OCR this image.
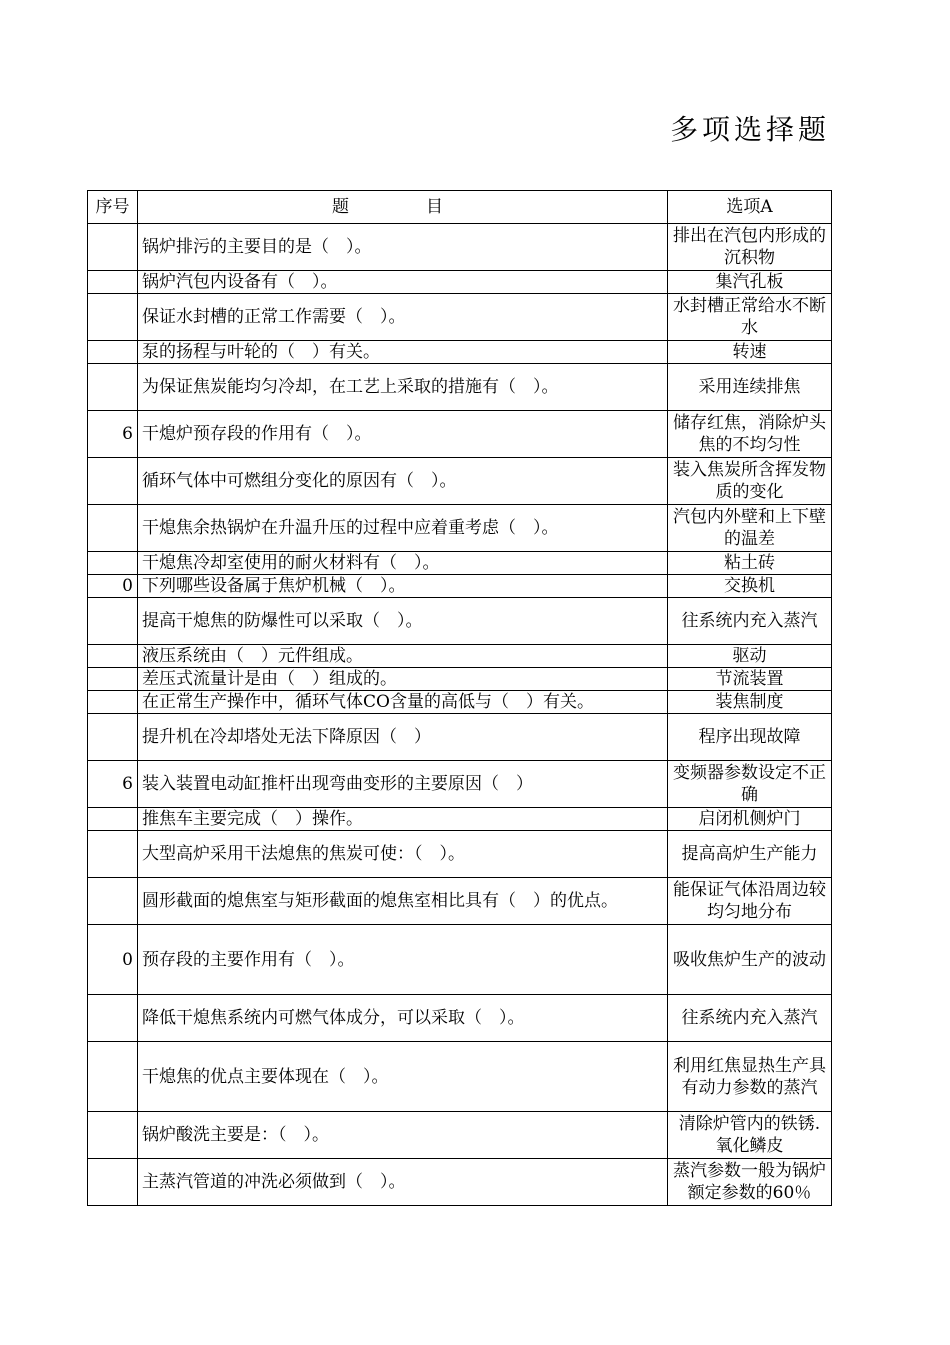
多项选择题
序号	题　目	选项A
	锅炉排污的主要目的是（　）。	排出在汽包内形成的沉积物
	锅炉汽包内设备有（　）。	集汽孔板
	保证水封槽的正常工作需要（　）。	水封槽正常给水不断水
	泵的扬程与叶轮的（　）有关。	转速
	为保证焦炭能均匀冷却，在工艺上采取的措施有（　）。	采用连续排焦
6	干熄炉预存段的作用有（　）。	储存红焦，消除炉头焦的不均匀性
	循环气体中可燃组分变化的原因有（　）。	装入焦炭所含挥发物质的变化
	干熄焦余热锅炉在升温升压的过程中应着重考虑（　）。	汽包内外壁和上下壁的温差
	干熄焦冷却室使用的耐火材料有（　）。	粘土砖
0	下列哪些设备属于焦炉机械（　）。	交换机
	提高干熄焦的防爆性可以采取（　）。	往系统内充入蒸汽
	液压系统由（　）元件组成。	驱动
	差压式流量计是由（　）组成的。	节流装置
	在正常生产操作中，循环气体CO含量的高低与（　）有关。	装焦制度
	提升机在冷却塔处无法下降原因（　）	程序出现故障
6	装入装置电动缸推杆出现弯曲变形的主要原因（　）	变频器参数设定不正确
	推焦车主要完成（　）操作。	启闭机侧炉门
	大型高炉采用干法熄焦的焦炭可使：（　）。	提高高炉生产能力
	圆形截面的熄焦室与矩形截面的熄焦室相比具有（　）的优点。	能保证气体沿周边较均匀地分布
0	预存段的主要作用有（　）。	吸收焦炉生产的波动
	降低干熄焦系统内可燃气体成分，可以采取（　）。	往系统内充入蒸汽
	干熄焦的优点主要体现在（　）。	利用红焦显热生产具有动力参数的蒸汽
	锅炉酸洗主要是：（　）。	清除炉管内的铁锈.氧化鳞皮
	主蒸汽管道的冲洗必须做到（　）。	蒸汽参数一般为锅炉额定参数的60％
